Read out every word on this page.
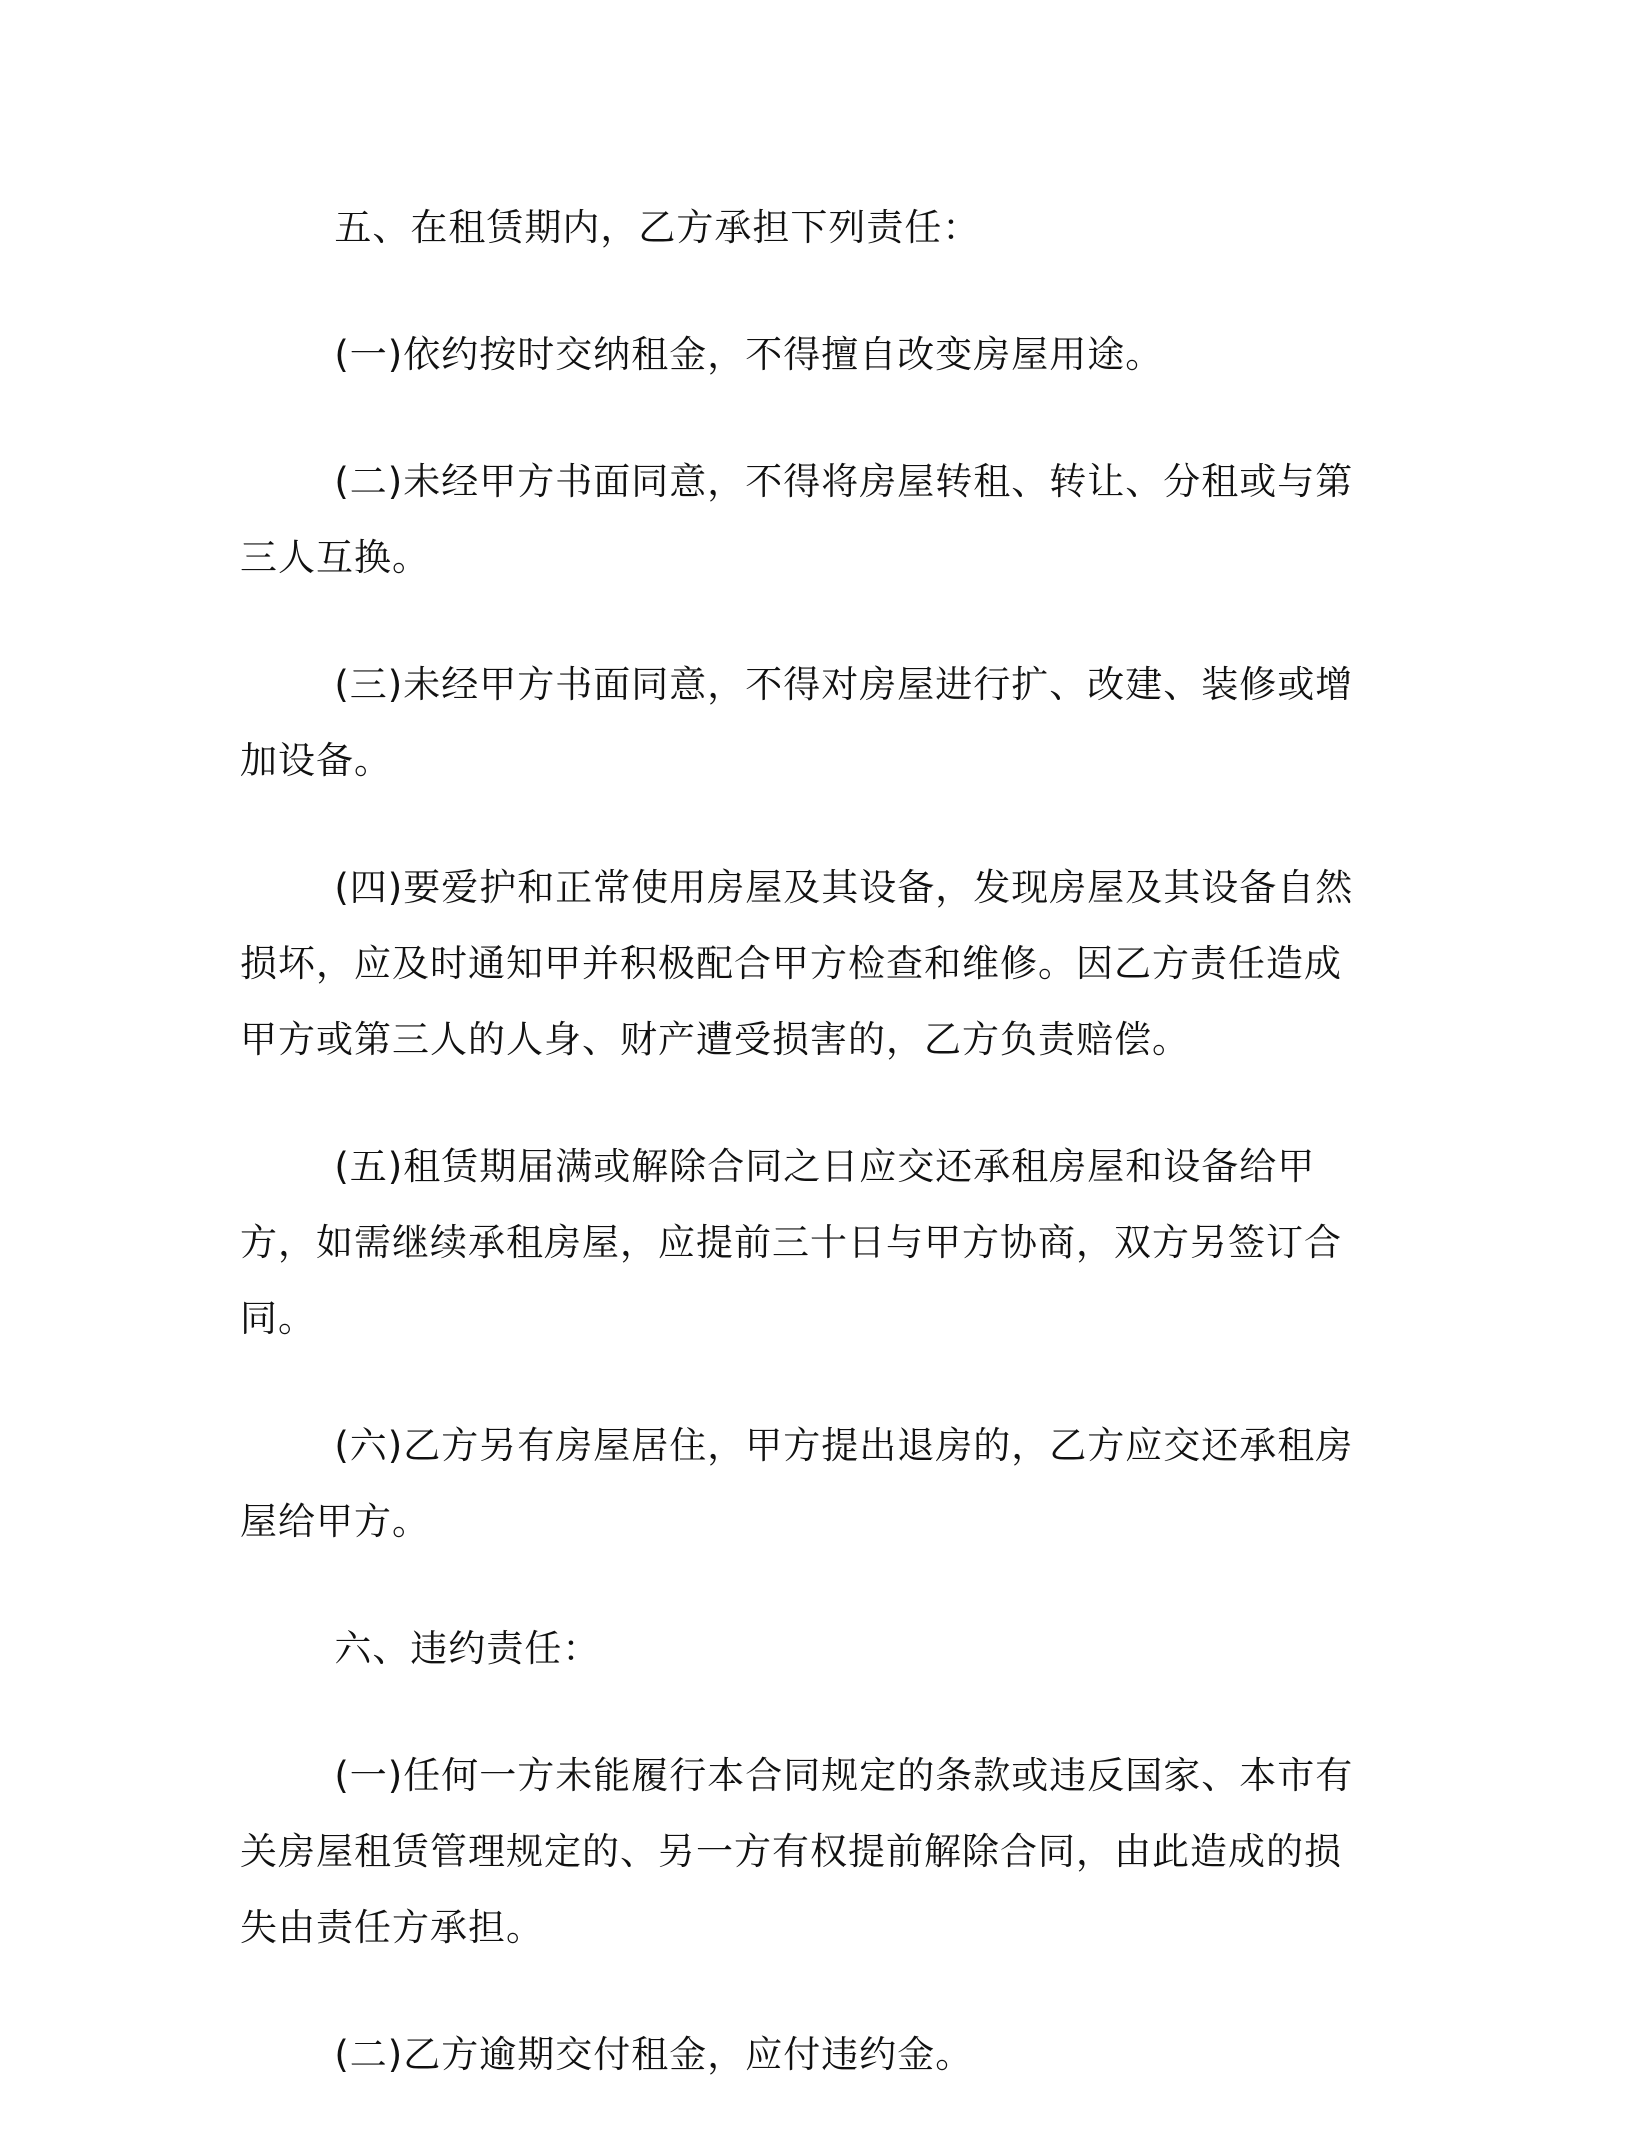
五、在租赁期内，乙方承担下列责任：

(一)依约按时交纳租金，不得擅自改变房屋用途。

(二)未经甲方书面同意，不得将房屋转租、转让、分租或与第三人互换。

(三)未经甲方书面同意，不得对房屋进行扩、改建、装修或增加设备。

(四)要爱护和正常使用房屋及其设备，发现房屋及其设备自然损坏，应及时通知甲并积极配合甲方检查和维修。因乙方责任造成甲方或第三人的人身、财产遭受损害的，乙方负责赔偿。

(五)租赁期届满或解除合同之日应交还承租房屋和设备给甲方，如需继续承租房屋，应提前三十日与甲方协商，双方另签订合同。

(六)乙方另有房屋居住，甲方提出退房的，乙方应交还承租房屋给甲方。

六、违约责任：

(一)任何一方未能履行本合同规定的条款或违反国家、本市有关房屋租赁管理规定的、另一方有权提前解除合同，由此造成的损失由责任方承担。

(二)乙方逾期交付租金，应付违约金。
